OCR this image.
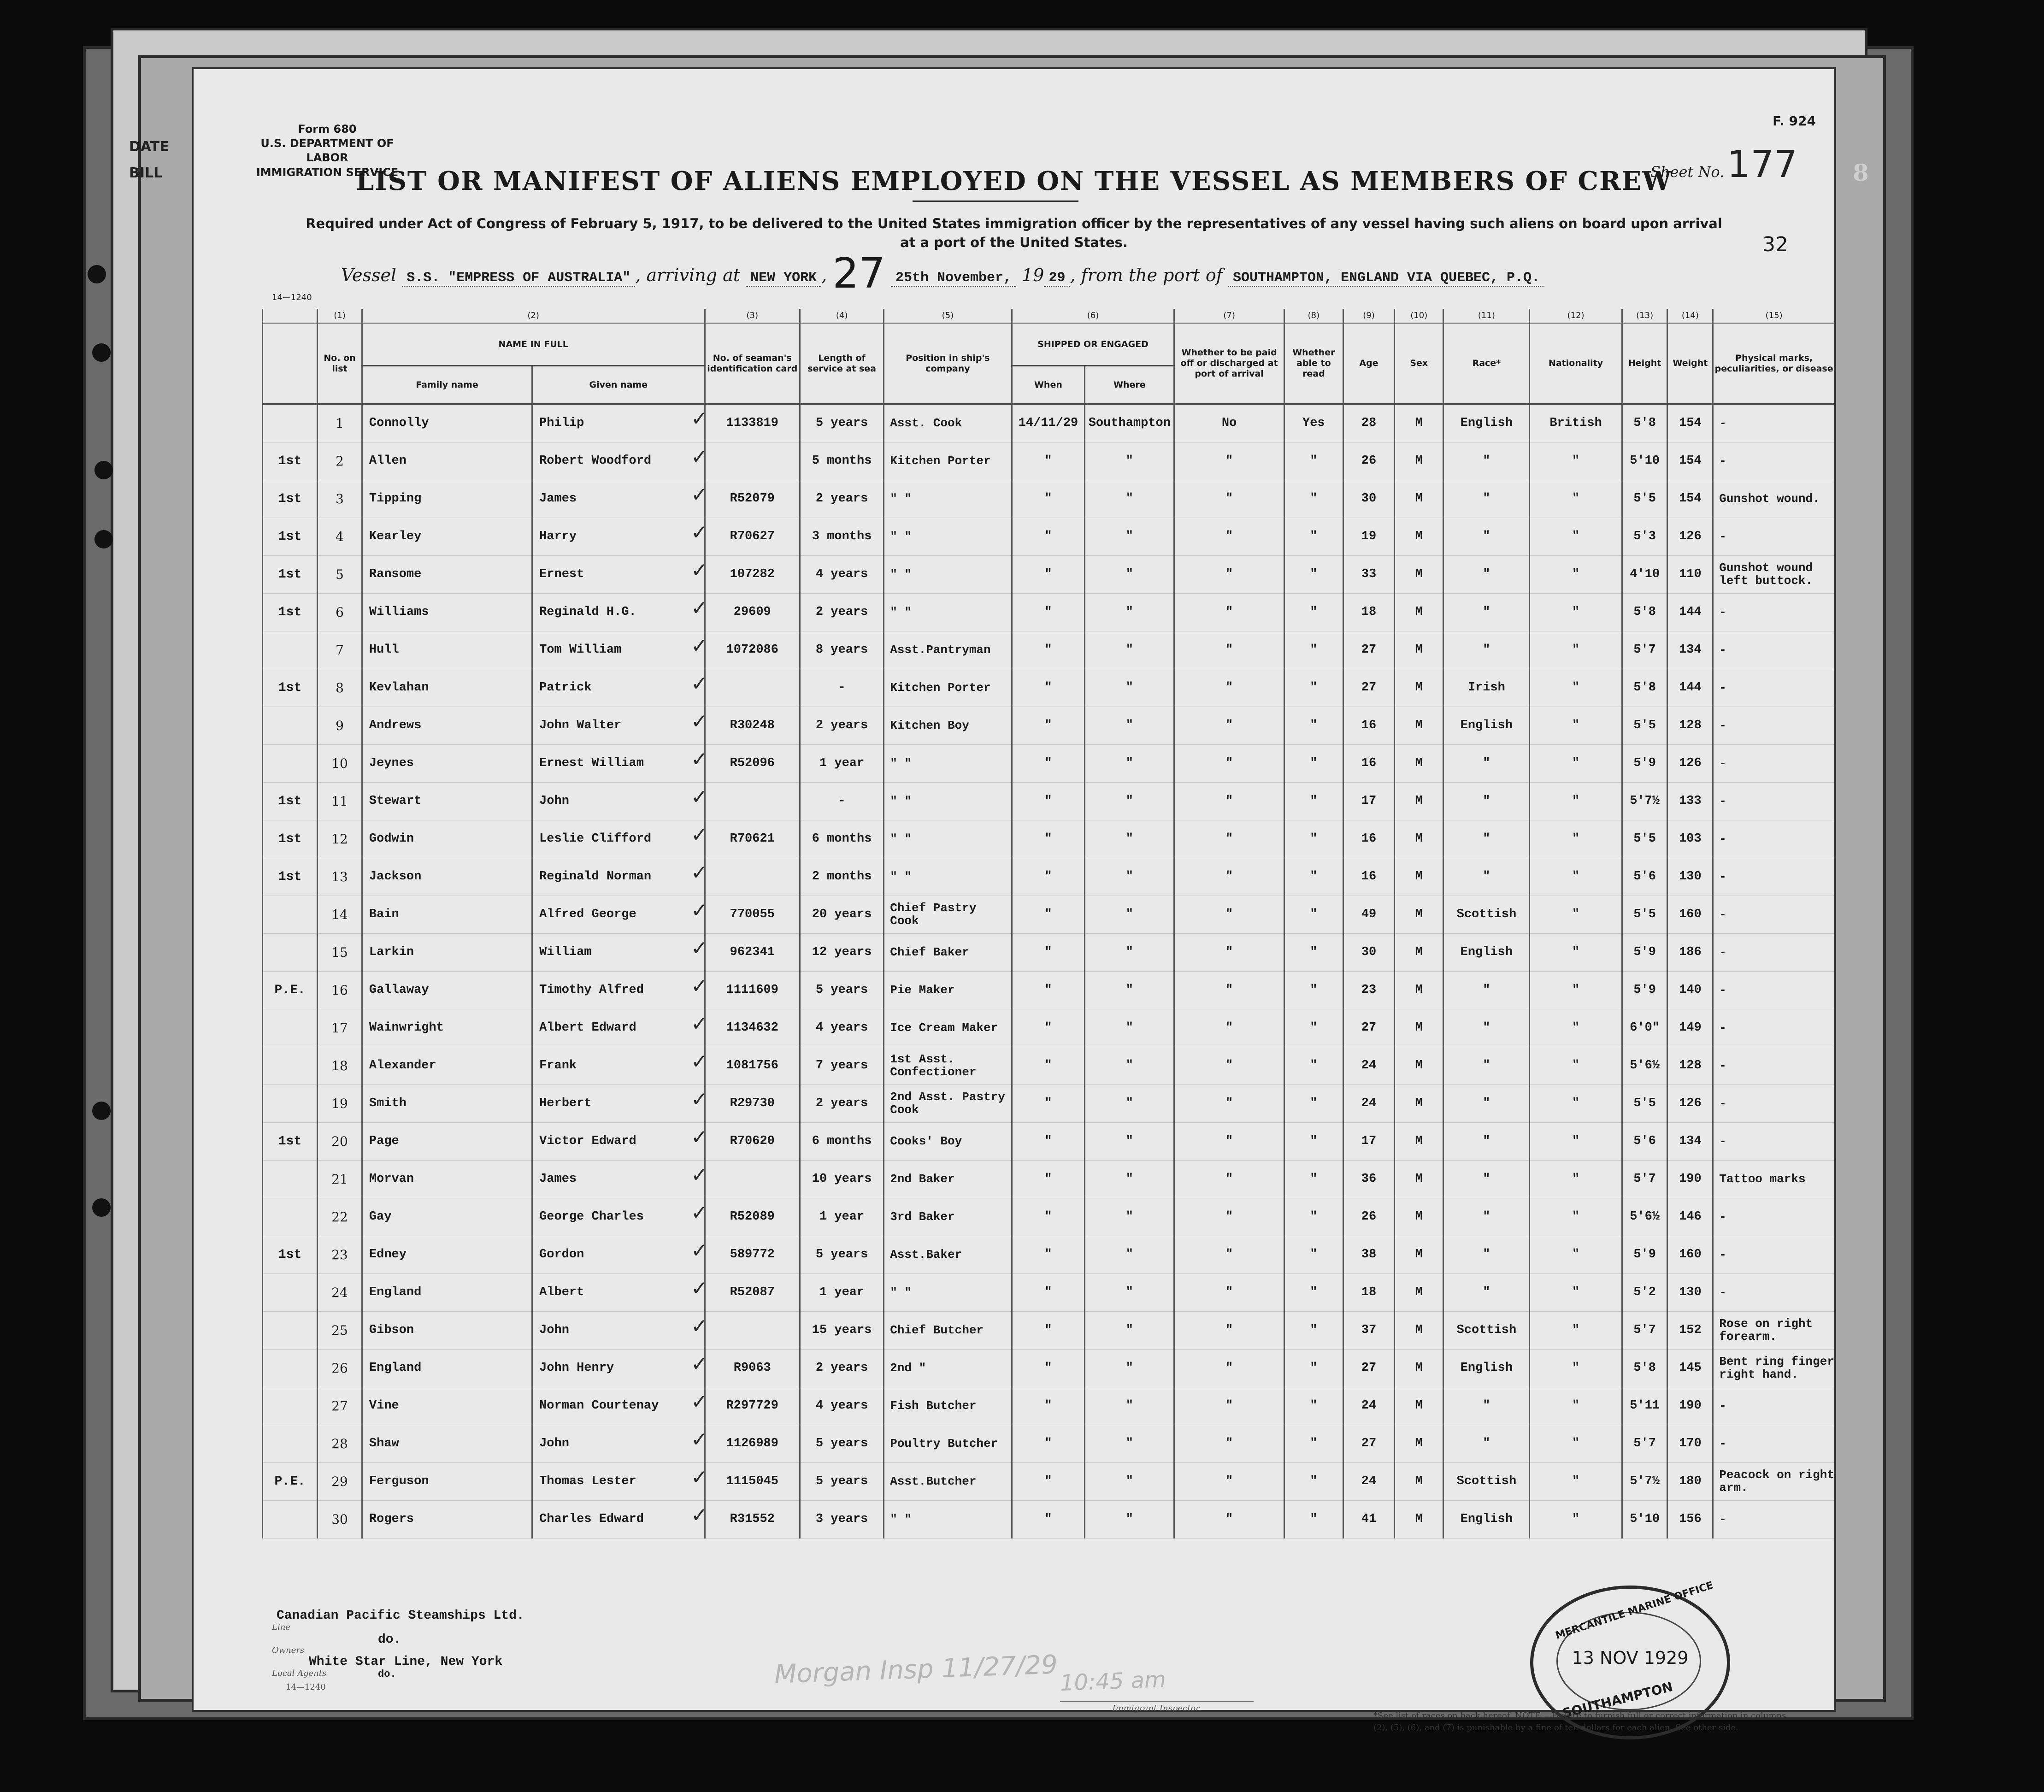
DATE
BILL	8
Form 680
U.S. DEPARTMENT OF LABOR
IMMIGRATION SERVICE
F. 924
Sheet No.177
LIST OR MANIFEST OF ALIENS EMPLOYED ON THE VESSEL AS MEMBERS OF CREW
Required under Act of Congress of February 5, 1917, to be delivered to the United States immigration officer by the representatives of any vessel having such aliens on board upon arrival at a port of the United States.	32
Vessel S.S. "EMPRESS OF AUSTRALIA" , arriving at NEW YORK , 27 25th November, 19 29 , from the port of SOUTHAMPTON, ENGLAND VIA QUEBEC, P.Q.
14—1240
	(1)	(2)		(3)	(4)	(5)	(6)		(7)	(8)	(9)	(10)	(11)	(12)	(13)	(14)	(15)
	No. on list	NAME IN FULL		No. of seaman's identification card	Length of service at sea	Position in ship's company	SHIPPED OR ENGAGED		Whether to be paid off or discharged at port of arrival	Whether able to read	Age	Sex	Race*	Nationality	Height	Weight	Physical marks, peculiarities, or disease
		Family name	Given name				When	Where									
	1	Connolly	Philip	1133819	5 years	Asst. Cook	14/11/29	Southampton	No	Yes	28	M	English	British	5'8	154	-
1st	2	Allen	Robert Woodford		5 months	Kitchen Porter	"	"	"	"	26	M	"	"	5'10	154	-
1st	3	Tipping	James	R52079	2 years	" "	"	"	"	"	30	M	"	"	5'5	154	Gunshot wound.
1st	4	Kearley	Harry	R70627	3 months	" "	"	"	"	"	19	M	"	"	5'3	126	-
1st	5	Ransome	Ernest	107282	4 years	" "	"	"	"	"	33	M	"	"	4'10	110	Gunshot wound left buttock.
1st	6	Williams	Reginald H.G.	29609	2 years	" "	"	"	"	"	18	M	"	"	5'8	144	-
	7	Hull	Tom William	1072086	8 years	Asst.Pantryman	"	"	"	"	27	M	"	"	5'7	134	-
1st	8	Kevlahan	Patrick		-	Kitchen Porter	"	"	"	"	27	M	Irish	"	5'8	144	-
	9	Andrews	John Walter	R30248	2 years	Kitchen Boy	"	"	"	"	16	M	English	"	5'5	128	-
	10	Jeynes	Ernest William	R52096	1 year	" "	"	"	"	"	16	M	"	"	5'9	126	-
1st	11	Stewart	John		-	" "	"	"	"	"	17	M	"	"	5'7½	133	-
1st	12	Godwin	Leslie Clifford	R70621	6 months	" "	"	"	"	"	16	M	"	"	5'5	103	-
1st	13	Jackson	Reginald Norman		2 months	" "	"	"	"	"	16	M	"	"	5'6	130	-
	14	Bain	Alfred George	770055	20 years	Chief Pastry Cook	"	"	"	"	49	M	Scottish	"	5'5	160	-
	15	Larkin	William	962341	12 years	Chief Baker	"	"	"	"	30	M	English	"	5'9	186	-
P.E.	16	Gallaway	Timothy Alfred	1111609	5 years	Pie Maker	"	"	"	"	23	M	"	"	5'9	140	-
	17	Wainwright	Albert Edward	1134632	4 years	Ice Cream Maker	"	"	"	"	27	M	"	"	6'0"	149	-
	18	Alexander	Frank	1081756	7 years	1st Asst. Confectioner	"	"	"	"	24	M	"	"	5'6½	128	-
	19	Smith	Herbert	R29730	2 years	2nd Asst. Pastry Cook	"	"	"	"	24	M	"	"	5'5	126	-
1st	20	Page	Victor Edward	R70620	6 months	Cooks' Boy	"	"	"	"	17	M	"	"	5'6	134	-
	21	Morvan	James		10 years	2nd Baker	"	"	"	"	36	M	"	"	5'7	190	Tattoo marks
	22	Gay	George Charles	R52089	1 year	3rd Baker	"	"	"	"	26	M	"	"	5'6½	146	-
1st	23	Edney	Gordon	589772	5 years	Asst.Baker	"	"	"	"	38	M	"	"	5'9	160	-
	24	England	Albert	R52087	1 year	" "	"	"	"	"	18	M	"	"	5'2	130	-
	25	Gibson	John		15 years	Chief Butcher	"	"	"	"	37	M	Scottish	"	5'7	152	Rose on right forearm.
	26	England	John Henry	R9063	2 years	2nd "	"	"	"	"	27	M	English	"	5'8	145	Bent ring finger right hand.
	27	Vine	Norman Courtenay	R297729	4 years	Fish Butcher	"	"	"	"	24	M	"	"	5'11	190	-
	28	Shaw	John	1126989	5 years	Poultry Butcher	"	"	"	"	27	M	"	"	5'7	170	-
P.E.	29	Ferguson	Thomas Lester	1115045	5 years	Asst.Butcher	"	"	"	"	24	M	Scottish	"	5'7½	180	Peacock on right arm.
	30	Rogers	Charles Edward	R31552	3 years	" "	"	"	"	"	41	M	English	"	5'10	156	-
Morgan Insp 11/27/29 10:45 am
MERCANTILE MARINE OFFICE
13 NOV 1929
SOUTHAMPTON
Line
Canadian Pacific Steamships Ltd.
Owners
do.
Local Agents
White Star Line, New York
do.
14—1240
Immigrant Inspector.
*See list of races on back hereof. NOTE.—Failure to furnish full or correct information in columns (2), (5), (6), and (7) is punishable by a fine of ten dollars for each alien. See other side.
✓
✓
✓
✓
✓
✓
✓
✓
✓
✓
✓
✓
✓
✓
✓
✓
✓
✓
✓
✓
✓
✓
✓
✓
✓
✓
✓
✓
✓
✓
